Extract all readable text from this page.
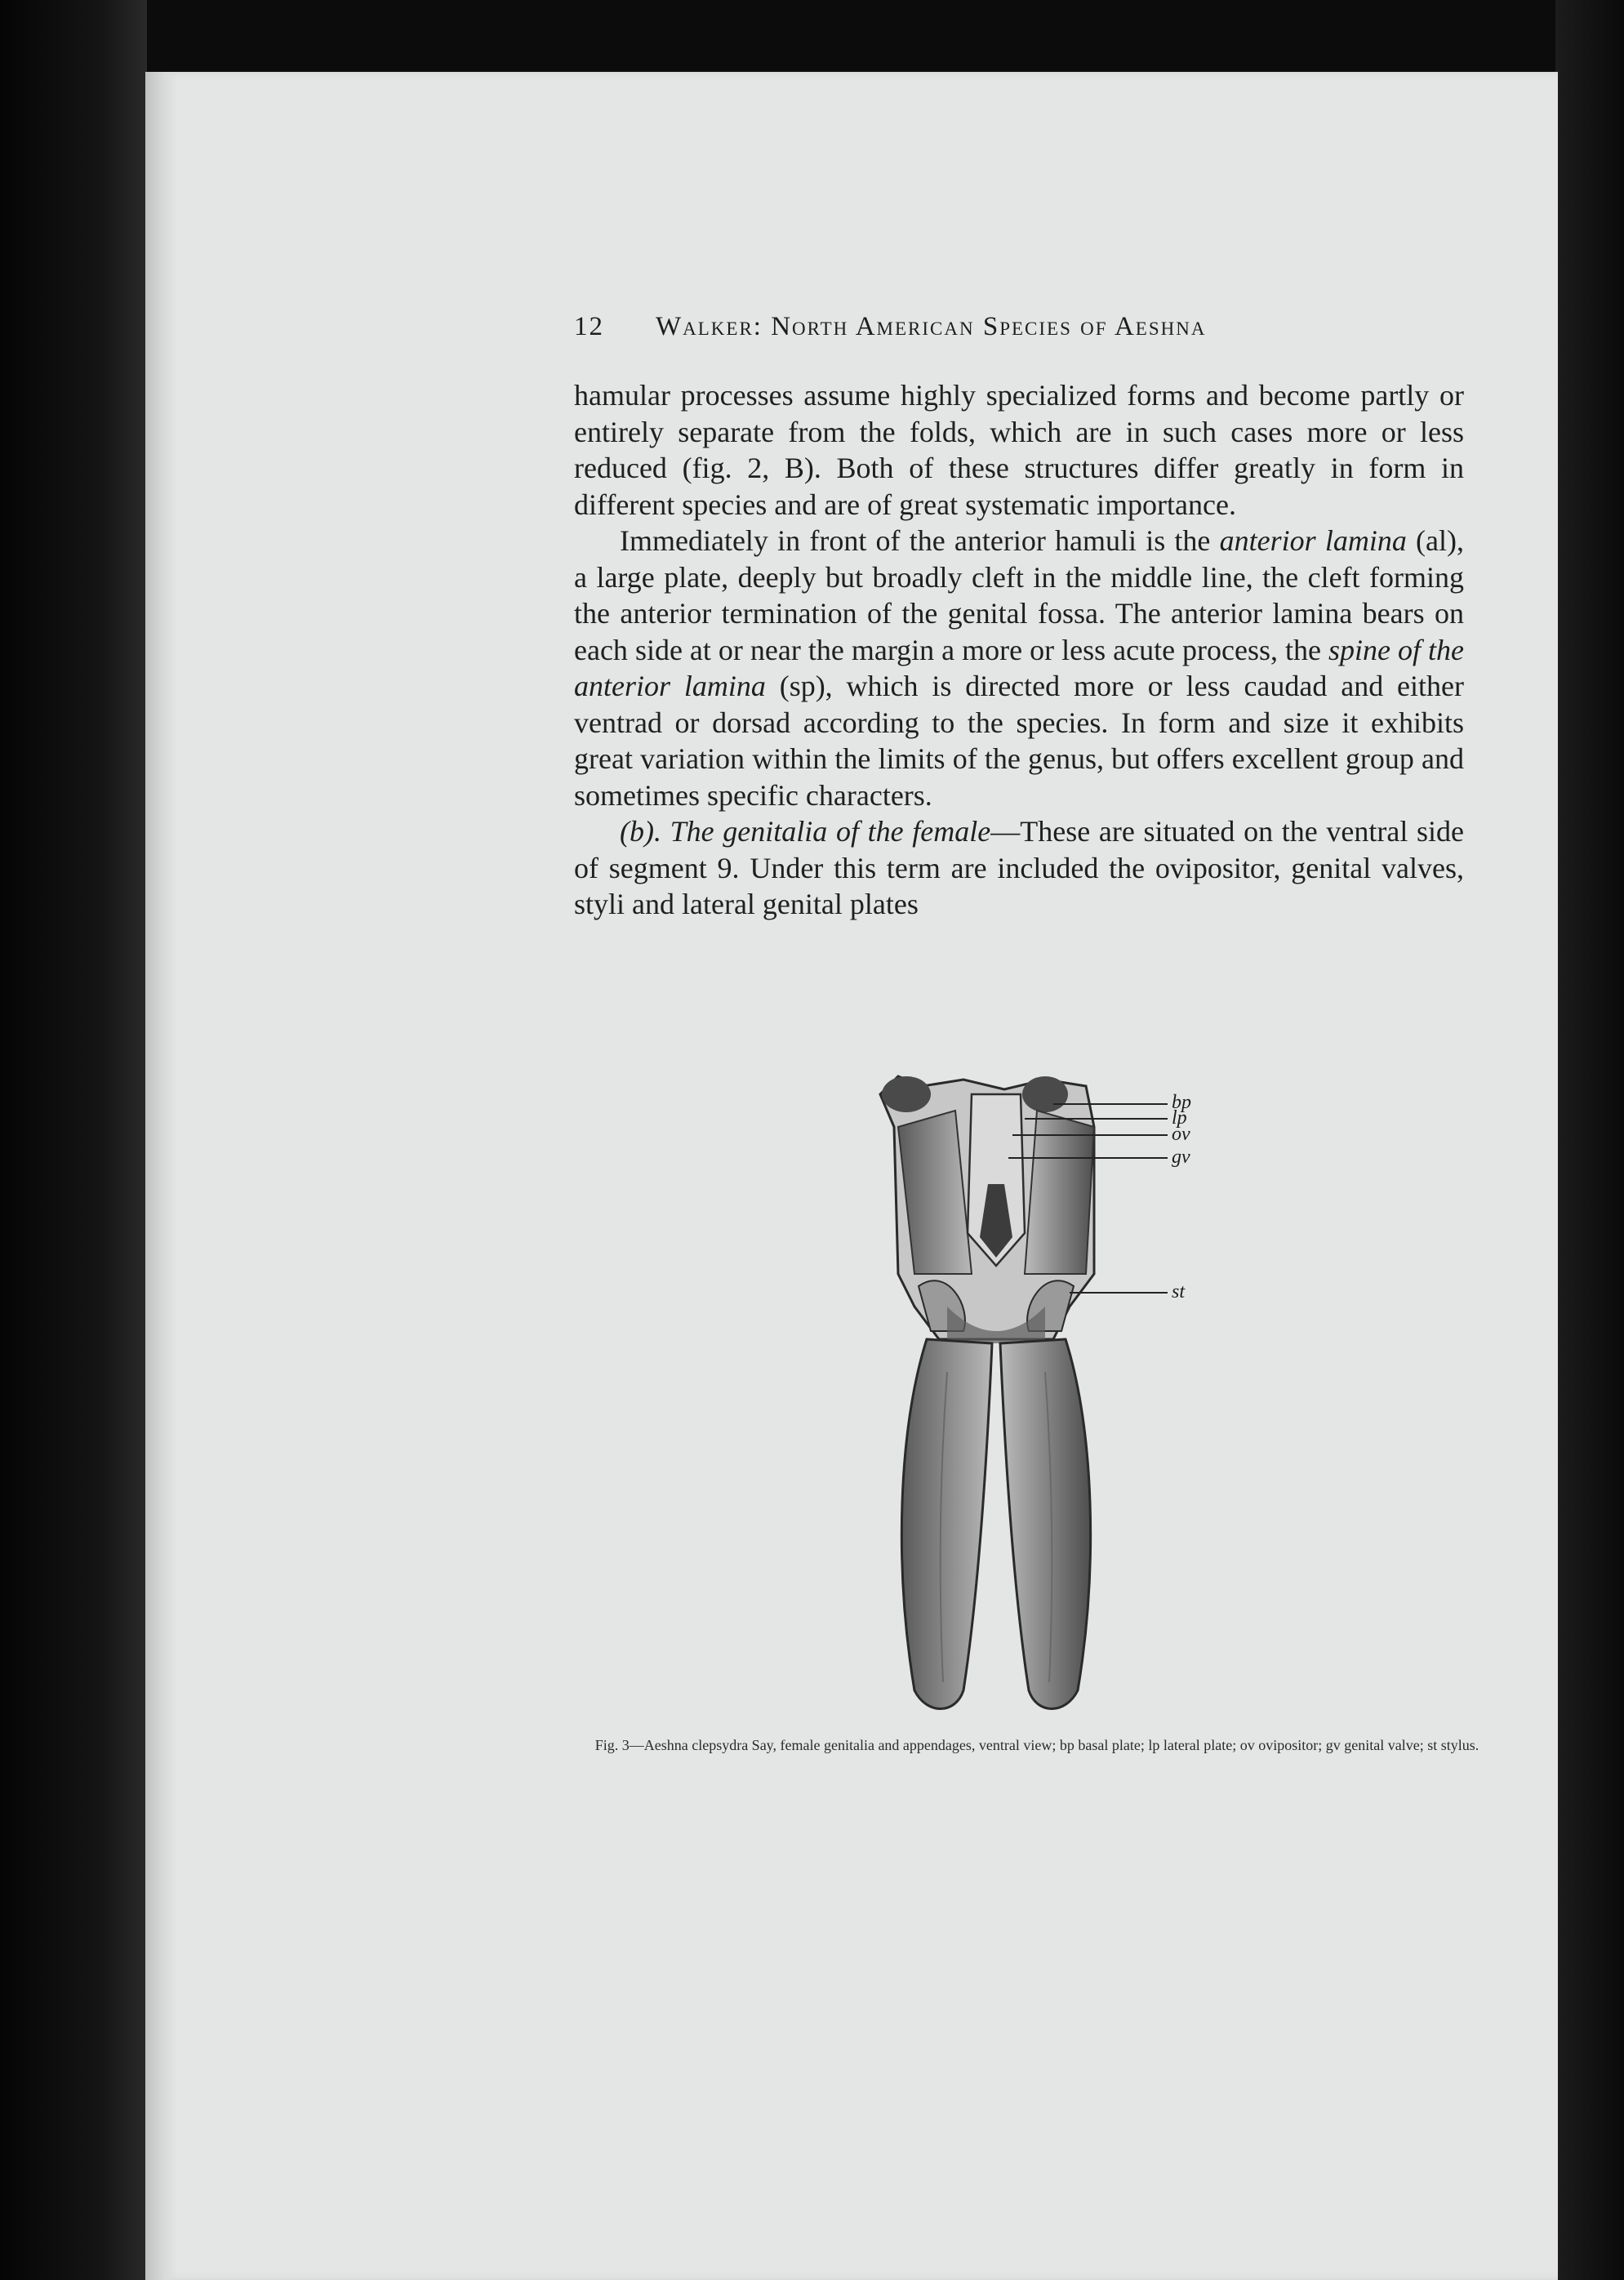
12 Walker: North American Species of Aeshna

hamular processes assume highly specialized forms and become partly or entirely separate from the folds, which are in such cases more or less reduced (fig. 2, B). Both of these structures differ greatly in form in different species and are of great systematic importance.

Immediately in front of the anterior hamuli is the anterior lamina (al), a large plate, deeply but broadly cleft in the middle line, the cleft forming the anterior termination of the genital fossa. The anterior lamina bears on each side at or near the margin a more or less acute process, the spine of the anterior lamina (sp), which is directed more or less caudad and either ventrad or dorsad according to the species. In form and size it exhibits great variation within the limits of the genus, but offers excellent group and sometimes specific characters.

(b). The genitalia of the female—These are situated on the ventral side of segment 9. Under this term are included the ovipositor, genital valves, styli and lateral genital plates

bp
lp
ov
gv
st
Fig. 3—Aeshna clepsydra Say, female genitalia and appendages, ventral view; bp basal plate; lp lateral plate; ov ovipositor; gv genital valve; st stylus.
